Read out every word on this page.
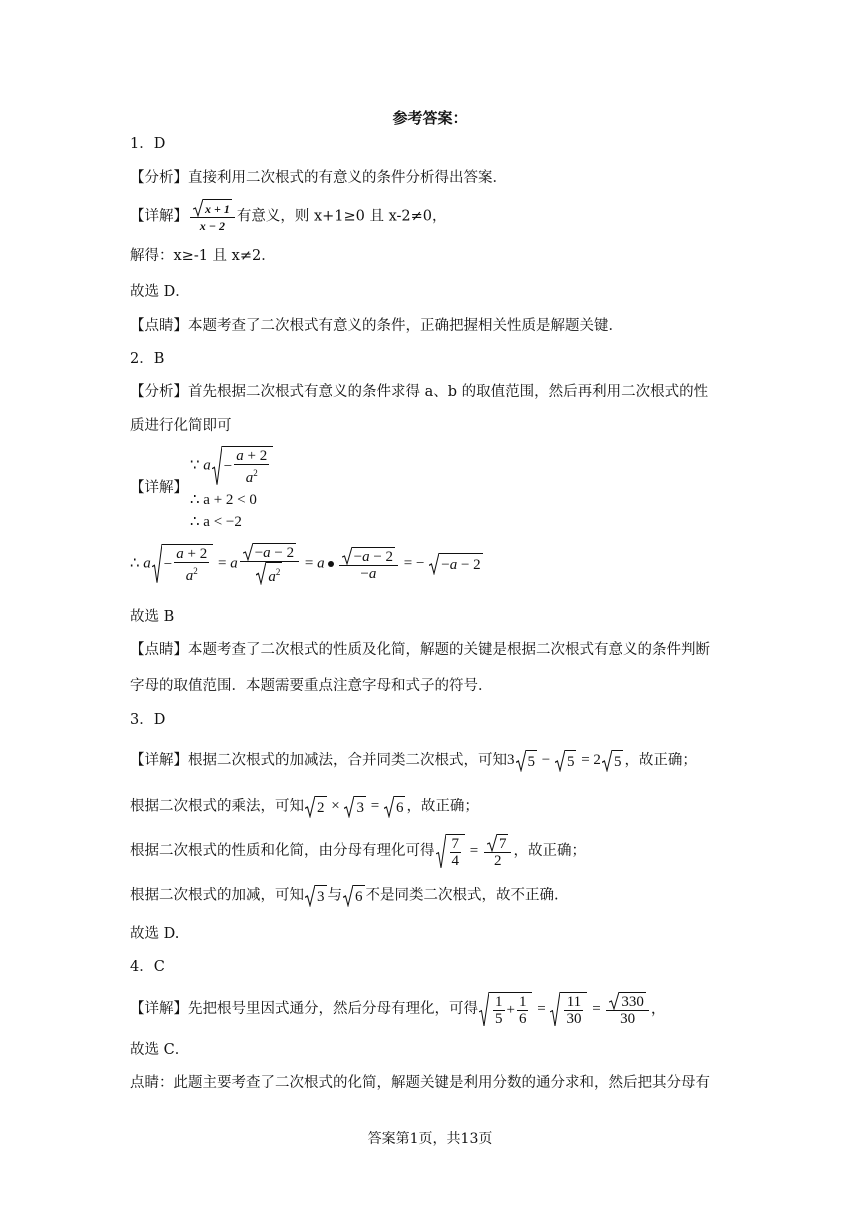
参考答案：
1．D
【分析】直接利用二次根式的有意义的条件分析得出答案．
【详解】 $\frac{x + 1}{x - 2}$ 有意义，则 x+1≥0 且 x-2≠0，
解得：x≥-1 且 x≠2．
故选 D．
【点睛】本题考查了二次根式有意义的条件，正确把握相关性质是解题关键．
2．B
【分析】首先根据二次根式有意义的条件求得 a、b 的取值范围，然后再利用二次根式的性
质进行化简即可
【详解】
∵ $a - \frac{a + 2}{a^2}$
∴ a + 2 < 0
∴ a < −2
∴ $a - \frac{a + 2}{a^2} = a \frac{-a - 2}{a^2} = a \frac{-a - 2}{-a}$ = −
−a − 2
故选 B
【点睛】本题考查了二次根式的性质及化简，解题的关键是根据二次根式有意义的条件判断
字母的取值范围．本题需要重点注意字母和式子的符号．
3．D
【详解】根据二次根式的加减法，合并同类二次根式，可知3 5 −
5 = 2 5 ，故正确；
根据二次根式的乘法，可知 2 ×
3 =
6 ，故正确；
根据二次根式的性质和化简，由分母有理化可得 $\frac{7}{4} = \frac{7}{2}$ ，故正确；
根据二次根式的加减，可知 3 与 6 不是同类二次根式，故不正确.
故选 D.
4．C
【详解】先把根号里因式通分，然后分母有理化，可得 $\frac{1}{5} + \frac{1}{6} = \frac{11}{30} = \frac{330}{30}$ ，
故选 C．
点睛：此题主要考查了二次根式的化简，解题关键是利用分数的通分求和，然后把其分母有
答案第1页，共13页
